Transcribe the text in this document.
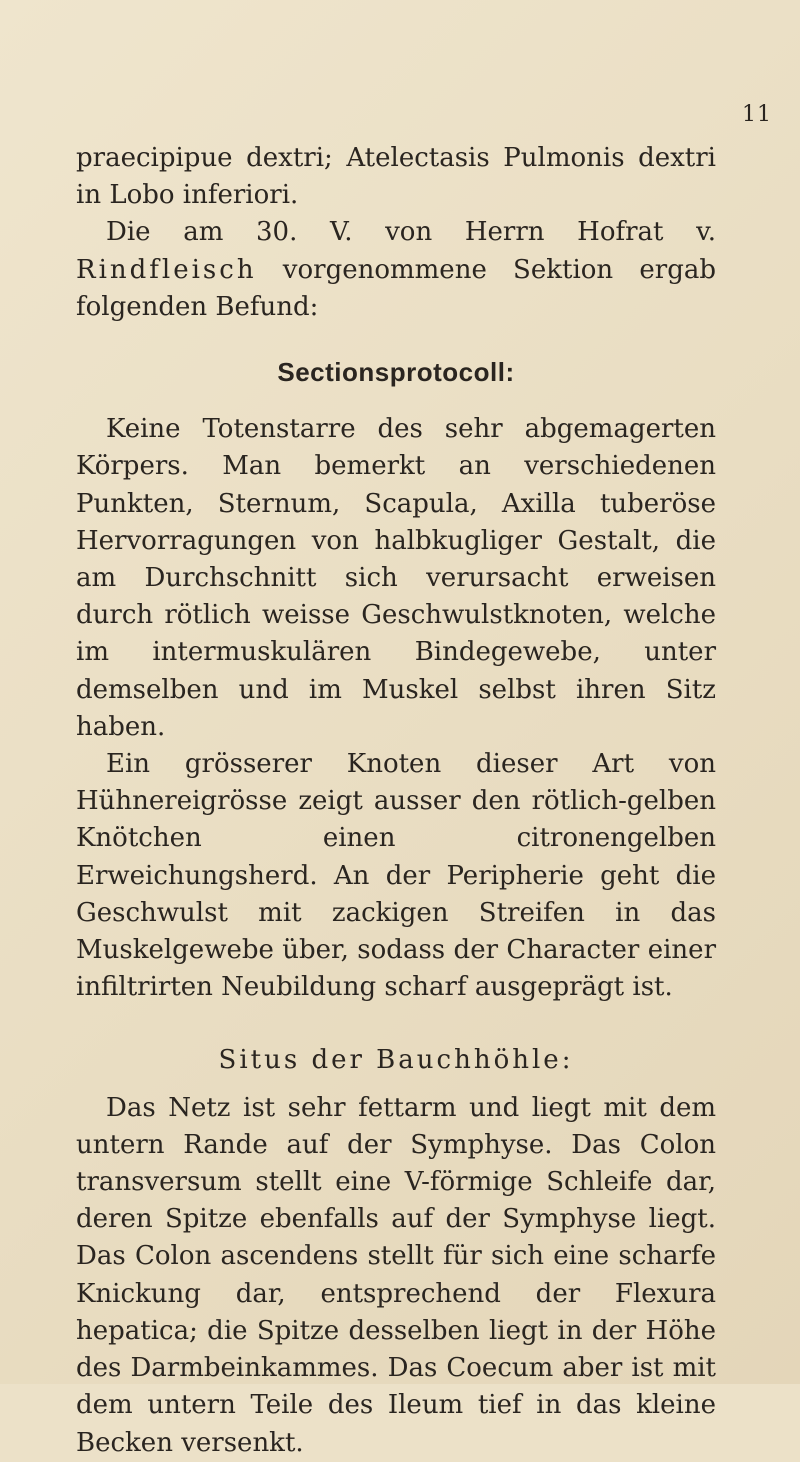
11

praecipipue dextri; Atelectasis Pulmonis dextri in Lobo inferiori.

Die am 30. V. von Herrn Hofrat v. Rindfleisch vorgenommene Sektion ergab folgenden Befund:

Sectionsprotocoll:

Keine Totenstarre des sehr abgemagerten Körpers. Man bemerkt an verschiedenen Punkten, Sternum, Scapula, Axilla tuberöse Hervorragungen von halbkugliger Gestalt, die am Durchschnitt sich verursacht erweisen durch rötlich weisse Geschwulstknoten, welche im intermuskulären Bindegewebe, unter demselben und im Muskel selbst ihren Sitz haben.

Ein grösserer Knoten dieser Art von Hühnereigrösse zeigt ausser den rötlich-gelben Knötchen einen citronengelben Erweichungsherd. An der Peripherie geht die Geschwulst mit zackigen Streifen in das Muskelgewebe über, sodass der Character einer infiltrirten Neubildung scharf ausgeprägt ist.

Situs der Bauchhöhle:

Das Netz ist sehr fettarm und liegt mit dem untern Rande auf der Symphyse. Das Colon transversum stellt eine V-förmige Schleife dar, deren Spitze ebenfalls auf der Symphyse liegt. Das Colon ascendens stellt für sich eine scharfe Knickung dar, entsprechend der Flexura hepatica; die Spitze desselben liegt in der Höhe des Darmbeinkammes. Das Coecum aber ist mit dem untern Teile des Ileum tief in das kleine Becken versenkt.
